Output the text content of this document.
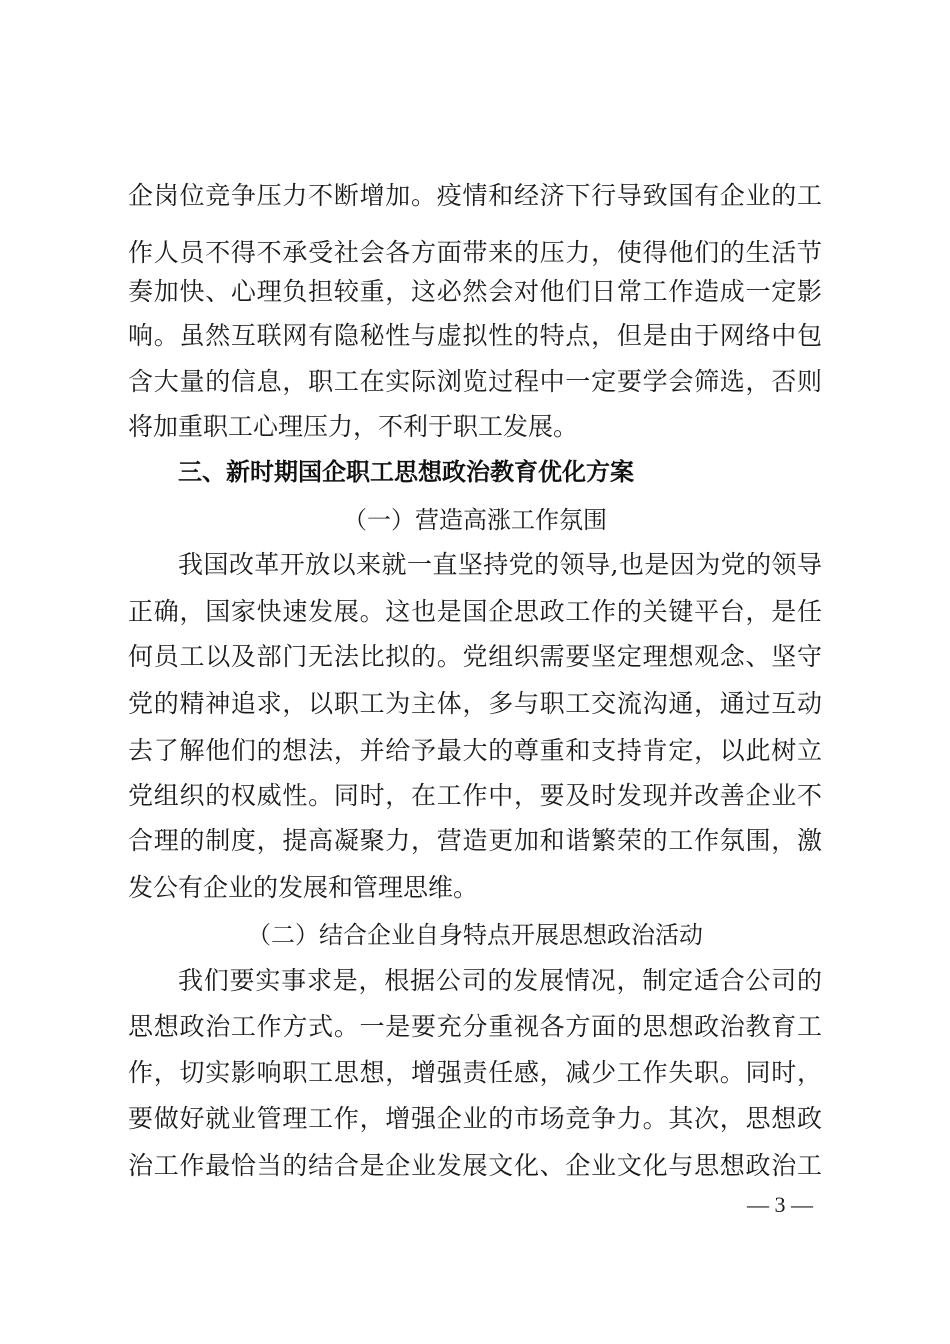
企岗位竞争压力不断增加。疫情和经济下行导致国有企业的工
作人员不得不承受社会各方面带来的压力，使得他们的生活节
奏加快、心理负担较重，这必然会对他们日常工作造成一定影
响。虽然互联网有隐秘性与虚拟性的特点，但是由于网络中包
含大量的信息，职工在实际浏览过程中一定要学会筛选，否则
将加重职工心理压力，不利于职工发展。
三、新时期国企职工思想政治教育优化方案
（一）营造高涨工作氛围
我国改革开放以来就一直坚持党的领导,也是因为党的领导
正确，国家快速发展。这也是国企思政工作的关键平台，是任
何员工以及部门无法比拟的。党组织需要坚定理想观念、坚守
党的精神追求，以职工为主体，多与职工交流沟通，通过互动
去了解他们的想法，并给予最大的尊重和支持肯定，以此树立
党组织的权威性。同时，在工作中，要及时发现并改善企业不
合理的制度，提高凝聚力，营造更加和谐繁荣的工作氛围，激
发公有企业的发展和管理思维。
（二）结合企业自身特点开展思想政治活动
我们要实事求是，根据公司的发展情况，制定适合公司的
思想政治工作方式。一是要充分重视各方面的思想政治教育工
作，切实影响职工思想，增强责任感，减少工作失职。同时，
要做好就业管理工作，增强企业的市场竞争力。其次，思想政
治工作最恰当的结合是企业发展文化、企业文化与思想政治工
— 3 —
